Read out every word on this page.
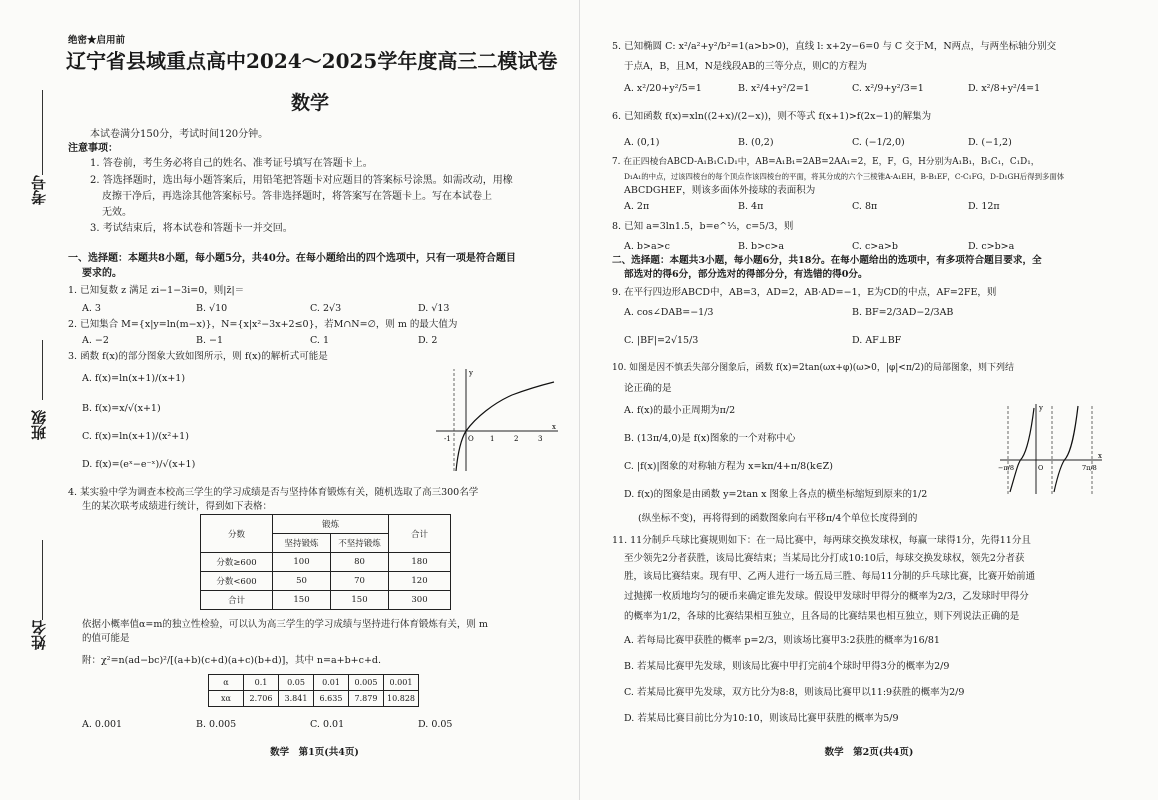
绝密★启用前
辽宁省县域重点高中2024～2025学年度高三二模试卷
数学
考号
班级
姓名
本试卷满分150分，考试时间120分钟。
注意事项：
1. 答卷前，考生务必将自己的姓名、准考证号填写在答题卡上。
2. 答选择题时，选出每小题答案后，用铅笔把答题卡对应题目的答案标号涂黑。如需改动，用橡
皮擦干净后，再选涂其他答案标号。答非选择题时，将答案写在答题卡上。写在本试卷上
无效。
3. 考试结束后，将本试卷和答题卡一并交回。
一、选择题：本题共8小题，每小题5分，共40分。在每小题给出的四个选项中，只有一项是符合题目
要求的。
1. 已知复数 z 满足 zi−1−3i=0，则|z̄|＝
A. 3	B. √10	C. 2√3	D. √13
2. 已知集合 M={x|y=ln(m−x)}，N={x|x²−3x+2≤0}，若M∩N=∅，则 m 的最大值为
A. −2	B. −1	C. 1	D. 2
3. 函数 f(x)的部分图象大致如图所示，则 f(x)的解析式可能是
A. f(x)=ln(x+1)/(x+1)
B. f(x)=x/√(x+1)
C. f(x)=ln(x+1)/(x²+1)
D. f(x)=(eˣ−e⁻ˣ)/√(x+1)
-1 O 1	2	3
x
y
4. 某实验中学为调查本校高三学生的学习成绩是否与坚持体育锻炼有关，随机选取了高三300名学
生的某次联考成绩进行统计，得到如下表格：
分数	锻炼		合计
	坚持锻炼	不坚持锻炼	
分数≥600	100	80	180
分数<600	50	70	120
合计	150	150	300
依据小概率值α=m的独立性检验，可以认为高三学生的学习成绩与坚持进行体育锻炼有关，则 m
的值可能是
附：χ²=n(ad−bc)²/[(a+b)(c+d)(a+c)(b+d)]，其中 n=a+b+c+d.
α	0.1	0.05	0.01	0.005	0.001
xα	2.706	3.841	6.635	7.879	10.828
A. 0.001	B. 0.005	C. 0.01	D. 0.05
数学　第1页(共4页)
5. 已知椭圆 C: x²/a²+y²/b²=1(a>b>0)，直线 l: x+2y−6=0 与 C 交于M，N两点，与两坐标轴分别交
于点A，B，且M，N是线段AB的三等分点，则C的方程为
A. x²/20+y²/5=1	B. x²/4+y²/2=1	C. x²/9+y²/3=1	D. x²/8+y²/4=1
6. 已知函数 f(x)=xln((2+x)/(2−x))，则不等式 f(x+1)>f(2x−1)的解集为
A. (0,1)	B. (0,2)	C. (−1/2,0)	D. (−1,2)
7. 在正四棱台ABCD-A₁B₁C₁D₁中，AB=A₁B₁=2AB=2AA₁=2，E，F，G，H分别为A₁B₁，B₁C₁，C₁D₁，
D₁A₁的中点，过该四棱台的每个顶点作该四棱台的平面，将其分成的六个三棱锥A-A₁EH，B-B₁EF，C-C₁FG，D-D₁GH后得到多面体
ABCDGHEF，则该多面体外接球的表面积为
A. 2π	B. 4π	C. 8π	D. 12π
8. 已知 a=3ln1.5，b=e^⅓，c=5/3，则
A. b>a>c	B. b>c>a	C. c>a>b	D. c>b>a
二、选择题：本题共3小题，每小题6分，共18分。在每小题给出的选项中，有多项符合题目要求，全
部选对的得6分，部分选对的得部分分，有选错的得0分。
9. 在平行四边形ABCD中，AB=3，AD=2，AB·AD=−1，E为CD的中点，AF=2FE，则
A. cos∠DAB=−1/3	B. BF=2/3AD−2/3AB
C. |BF|=2√15/3	D. AF⊥BF
10. 如图是因不慎丢失部分图象后，函数 f(x)=2tan(ωx+φ)(ω>0，|φ|<π/2)的局部图象，则下列结
论正确的是
A. f(x)的最小正周期为π/2
B. (13π/4,0)是 f(x)图象的一个对称中心
C. |f(x)|图象的对称轴方程为 x=kπ/4+π/8(k∈Z)
D. f(x)的图象是由函数 y=2tan x 图象上各点的横坐标缩短到原来的1/2
(纵坐标不变)，再将得到的函数图象向右平移π/4个单位长度得到的
−π/8	O	7π/8
x
y
11. 11分制乒乓球比赛规则如下：在一局比赛中，每两球交换发球权，每赢一球得1分，先得11分且
至少领先2分者获胜，该局比赛结束；当某局比分打成10:10后，每球交换发球权，领先2分者获
胜，该局比赛结束。现有甲、乙两人进行一场五局三胜、每局11分制的乒乓球比赛，比赛开始前通
过抛掷一枚质地均匀的硬币来确定谁先发球。假设甲发球时甲得分的概率为2/3，乙发球时甲得分
的概率为1/2，各球的比赛结果相互独立，且各局的比赛结果也相互独立，则下列说法正确的是
A. 若每局比赛甲获胜的概率 p=2/3，则该场比赛甲3:2获胜的概率为16/81
B. 若某局比赛甲先发球，则该局比赛中甲打完前4个球时甲得3分的概率为2/9
C. 若某局比赛甲先发球，双方比分为8:8，则该局比赛甲以11:9获胜的概率为2/9
D. 若某局比赛目前比分为10:10，则该局比赛甲获胜的概率为5/9
数学　第2页(共4页)
